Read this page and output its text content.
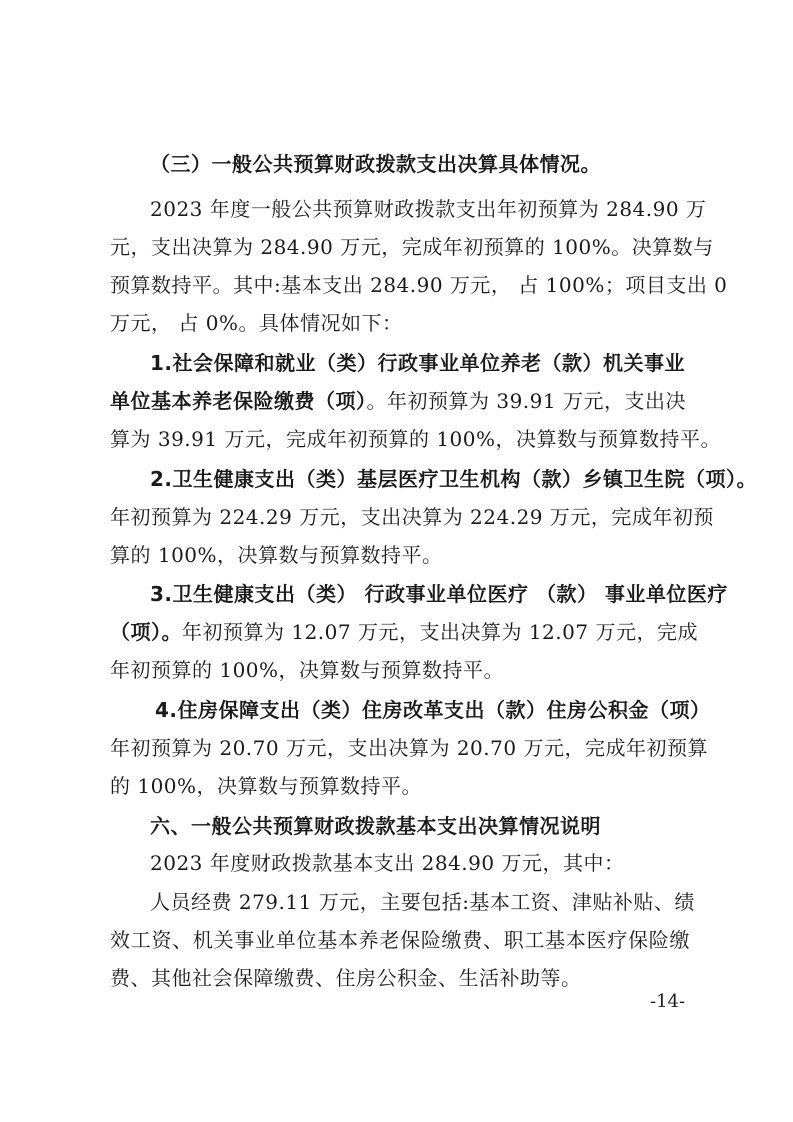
（三）一般公共预算财政拨款支出决算具体情况。
2023 年度一般公共预算财政拨款支出年初预算为 284.90 万
元，支出决算为 284.90 万元，完成年初预算的 100%。决算数与
预算数持平。其中:基本支出 284.90 万元， 占 100%；项目支出 0
万元， 占 0%。具体情况如下：
1.社会保障和就业（类）行政事业单位养老（款）机关事业
单位基本养老保险缴费（项）。年初预算为 39.91 万元，支出决
算为 39.91 万元，完成年初预算的 100%，决算数与预算数持平。
2.卫生健康支出（类）基层医疗卫生机构（款）乡镇卫生院（项）。
年初预算为 224.29 万元，支出决算为 224.29 万元，完成年初预
算的 100%，决算数与预算数持平。
3.卫生健康支出（类） 行政事业单位医疗 （款） 事业单位医疗
（项）。年初预算为 12.07 万元，支出决算为 12.07 万元，完成
年初预算的 100%，决算数与预算数持平。
4.住房保障支出（类）住房改革支出（款）住房公积金（项）
年初预算为 20.70 万元，支出决算为 20.70 万元，完成年初预算
的 100%，决算数与预算数持平。
六、一般公共预算财政拨款基本支出决算情况说明
2023 年度财政拨款基本支出 284.90 万元，其中：
人员经费 279.11 万元，主要包括:基本工资、津贴补贴、绩
效工资、机关事业单位基本养老保险缴费、职工基本医疗保险缴
费、其他社会保障缴费、住房公积金、生活补助等。
-14-
